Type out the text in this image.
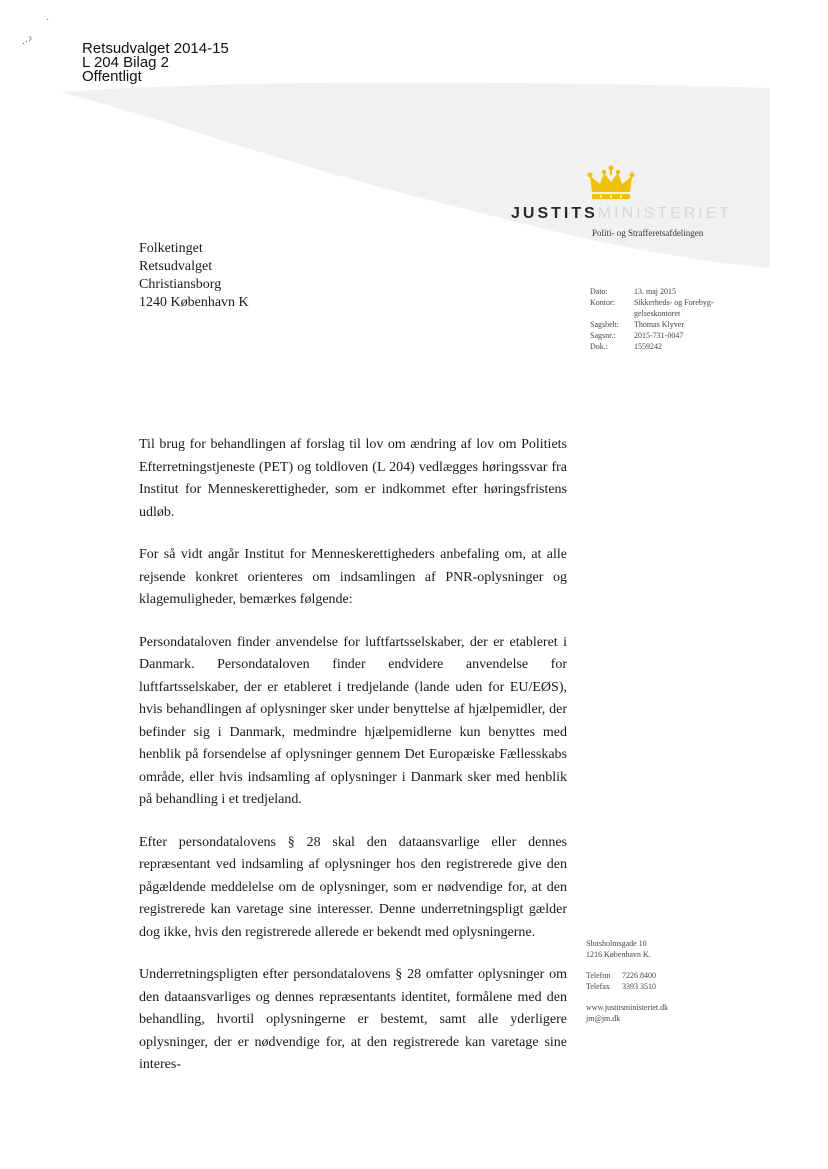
·
.·ˀ	Retsudvalget 2014-15
L 204 Bilag 2
Offentligt
JUSTITSMINISTERIET
Politi- og Strafferetsafdelingen
Folketinget
Retsudvalget
Christiansborg
1240 København K
Dato:	13. maj 2015
Kontor:	Sikkerheds- og Forebyg-
gelseskontoret
Sagsbeh:	Thomas Klyver
Sagsnr.:	2015-731-0047
Dok.:	1559242

Til brug for behandlingen af forslag til lov om ændring af lov om Politiets Efterretningstjeneste (PET) og toldloven (L 204) vedlægges høringssvar fra Institut for Menneskerettigheder, som er indkommet efter høringsfristens udløb.

For så vidt angår Institut for Menneskerettigheders anbefaling om, at alle rejsende konkret orienteres om indsamlingen af PNR-oplysninger og klagemuligheder, bemærkes følgende:

Persondataloven finder anvendelse for luftfartsselskaber, der er etableret i Danmark. Persondataloven finder endvidere anvendelse for luftfartsselskaber, der er etableret i tredjelande (lande uden for EU/EØS), hvis behandlingen af oplysninger sker under benyttelse af hjælpemidler, der befinder sig i Danmark, medmindre hjælpemidlerne kun benyttes med henblik på forsendelse af oplysninger gennem Det Europæiske Fællesskabs område, eller hvis indsamling af oplysninger i Danmark sker med henblik på behandling i et tredjeland.

Efter persondatalovens § 28 skal den dataansvarlige eller dennes repræsentant ved indsamling af oplysninger hos den registrerede give den pågældende meddelelse om de oplysninger, som er nødvendige for, at den registrerede kan varetage sine interesser. Denne underretningspligt gælder dog ikke, hvis den registrerede allerede er bekendt med oplysningerne.

Underretningspligten efter persondatalovens § 28 omfatter oplysninger om den dataansvarliges og dennes repræsentants identitet, formålene med den behandling, hvortil oplysningerne er bestemt, samt alle yderligere oplysninger, der er nødvendige for, at den registrerede kan varetage sine interes-

Slotsholmsgade 10
1216 København K.
Telefon	7226 8400
Telefax	3393 3510
www.justitsministeriet.dk
jm@jm.dk
